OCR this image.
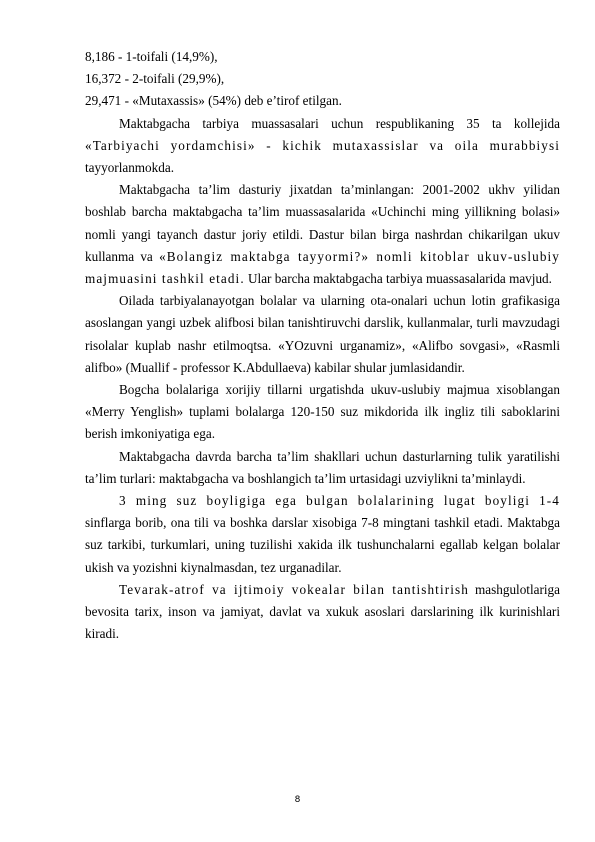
8,186 - 1-toifali (14,9%),
16,372 - 2-toifali (29,9%),
29,471 - «Mutaxassis» (54%) deb e’tirof etilgan.

Maktabgacha tarbiya muassasalari uchun respublikaning 35 ta kollejida «Tarbiyachi yordamchisi» - kichik mutaxassislar va oila murabbiysi tayyorlanmokda.

Maktabgacha ta’lim dasturiy jixatdan ta’minlangan: 2001-2002 ukhv yilidan boshlab barcha maktabgacha ta’lim muassasalarida «Uchinchi ming yillikning bolasi» nomli yangi tayanch dastur joriy etildi. Dastur bilan birga nashrdan chikarilgan ukuv kullanma va «Bolangiz maktabga tayyormi?» nomli kitoblar ukuv-uslubiy majmuasini tashkil etadi. Ular barcha maktabgacha tarbiya muassasalarida mavjud.

Oilada tarbiyalanayotgan bolalar va ularning ota-onalari uchun lotin grafikasiga asoslangan yangi uzbek alifbosi bilan tanishtiruvchi darslik, kullanmalar, turli mavzudagi risolalar kuplab nashr etilmoqtsa. «YOzuvni urganamiz», «Alifbo sovgasi», «Rasmli alifbo» (Muallif - professor K.Abdullaeva) kabilar shular jumlasidandir.

Bogcha bolalariga xorijiy tillarni urgatishda ukuv-uslubiy majmua xisoblangan «Merry Yenglish» tuplami bolalarga 120-150 suz mikdorida ilk ingliz tili saboklarini berish imkoniyatiga ega.

Maktabgacha davrda barcha ta’lim shakllari uchun dasturlarning tulik yaratilishi ta’lim turlari: maktabgacha va boshlangich ta’lim urtasidagi uzviylikni ta’minlaydi.

3 ming suz boyligiga ega bulgan bolalarining lugat boyligi 1-4 sinflarga borib, ona tili va boshka darslar xisobiga 7-8 mingtani tashkil etadi. Maktabga suz tarkibi, turkumlari, uning tuzilishi xakida ilk tushunchalarni egallab kelgan bolalar ukish va yozishni kiynalmasdan, tez urganadilar.

Tevarak-atrof va ijtimoiy vokealar bilan tantishtirish mashgulotlariga bevosita tarix, inson va jamiyat, davlat va xukuk asoslari darslarining ilk kurinishlari kiradi.

8
